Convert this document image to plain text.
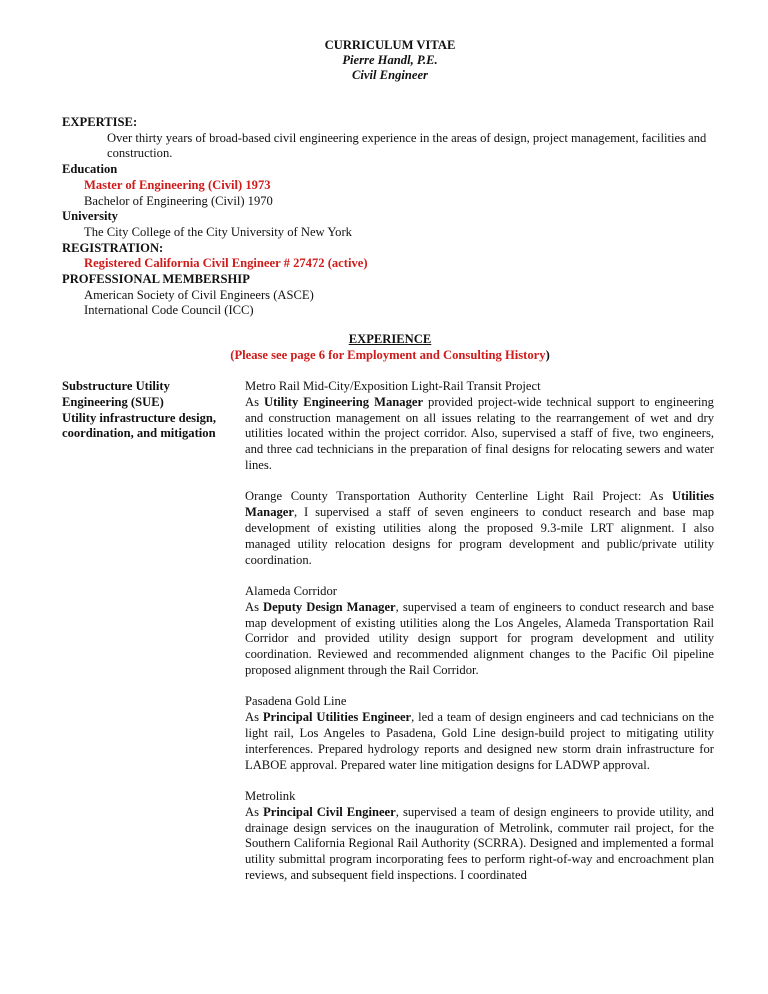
CURRICULUM VITAE
Pierre Handl, P.E.
Civil Engineer
EXPERTISE:
Over thirty years of broad-based civil engineering experience in the areas of design, project management, facilities and construction.
Education
Master of Engineering (Civil) 1973
Bachelor of Engineering (Civil) 1970
University
The City College of the City University of New York
REGISTRATION:
Registered California Civil Engineer # 27472 (active)
PROFESSIONAL MEMBERSHIP
American Society of Civil Engineers (ASCE)
International Code Council (ICC)
EXPERIENCE
(Please see page 6 for Employment and Consulting History)
Substructure Utility
Engineering (SUE)
Utility infrastructure design,
coordination, and mitigation
Metro Rail Mid-City/Exposition Light-Rail Transit Project
As Utility Engineering Manager provided project-wide technical support to engineering and construction management on all issues relating to the rearrangement of wet and dry utilities located within the project corridor. Also, supervised a staff of five, two engineers, and three cad technicians in the preparation of final designs for relocating sewers and water lines.
Orange County Transportation Authority Centerline Light Rail Project: As Utilities Manager, I supervised a staff of seven engineers to conduct research and base map development of existing utilities along the proposed 9.3-mile LRT alignment. I also managed utility relocation designs for program development and public/private utility coordination.
Alameda Corridor
As Deputy Design Manager, supervised a team of engineers to conduct research and base map development of existing utilities along the Los Angeles, Alameda Transportation Rail Corridor and provided utility design support for program development and utility coordination. Reviewed and recommended alignment changes to the Pacific Oil pipeline proposed alignment through the Rail Corridor.
Pasadena Gold Line
As Principal Utilities Engineer, led a team of design engineers and cad technicians on the light rail, Los Angeles to Pasadena, Gold Line design-build project to mitigating utility interferences. Prepared hydrology reports and designed new storm drain infrastructure for LABOE approval. Prepared water line mitigation designs for LADWP approval.
Metrolink
As Principal Civil Engineer, supervised a team of design engineers to provide utility, and drainage design services on the inauguration of Metrolink, commuter rail project, for the Southern California Regional Rail Authority (SCRRA). Designed and implemented a formal utility submittal program incorporating fees to perform right-of-way and encroachment plan reviews, and subsequent field inspections. I coordinated
